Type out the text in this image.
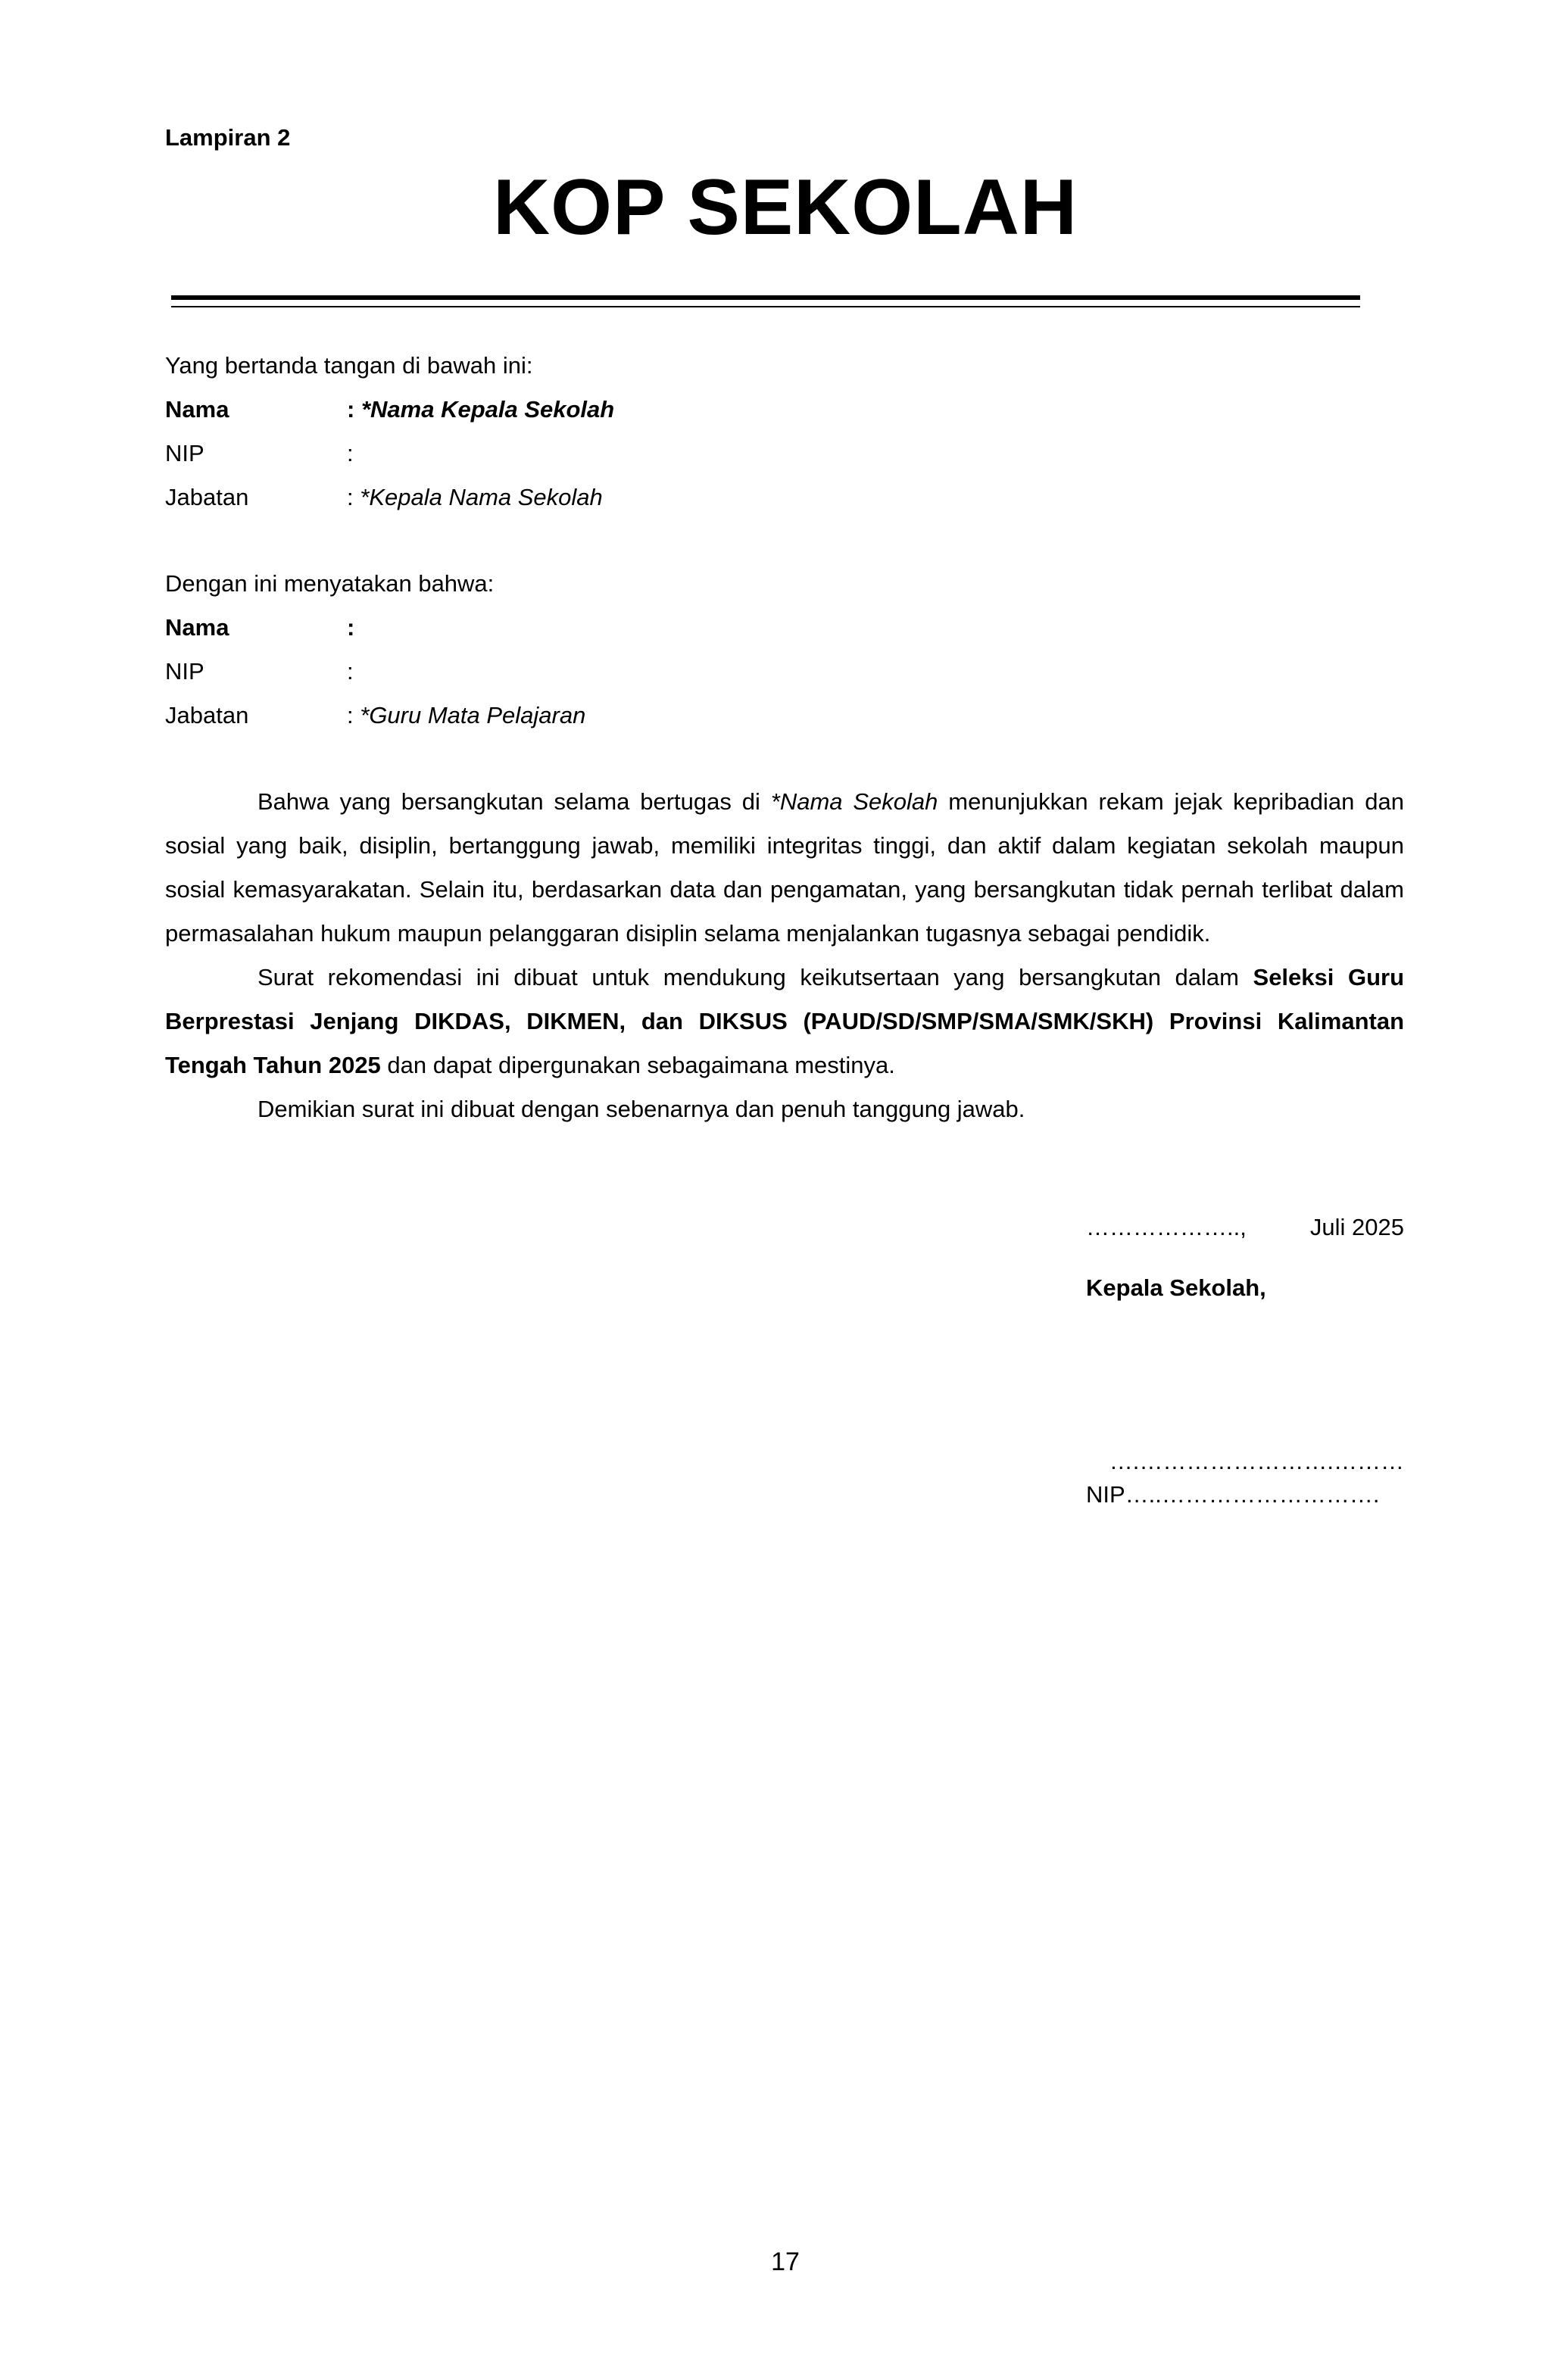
Lampiran 2
KOP SEKOLAH
Yang bertanda tangan di bawah ini:
Nama	: *Nama Kepala Sekolah
NIP	:
Jabatan	: *Kepala Nama Sekolah
Dengan ini menyatakan bahwa:
Nama	:
NIP	:
Jabatan	: *Guru Mata Pelajaran

Bahwa yang bersangkutan selama bertugas di *Nama Sekolah menunjukkan rekam jejak kepribadian dan sosial yang baik, disiplin, bertanggung jawab, memiliki integritas tinggi, dan aktif dalam kegiatan sekolah maupun sosial kemasyarakatan. Selain itu, berdasarkan data dan pengamatan, yang bersangkutan tidak pernah terlibat dalam permasalahan hukum maupun pelanggaran disiplin selama menjalankan tugasnya sebagai pendidik.

Surat rekomendasi ini dibuat untuk mendukung keikutsertaan yang bersangkutan dalam Seleksi Guru Berprestasi Jenjang DIKDAS, DIKMEN, dan DIKSUS (PAUD/SD/SMP/SMA/SMK/SKH) Provinsi Kalimantan Tengah Tahun 2025 dan dapat dipergunakan sebagaimana mestinya.

Demikian surat ini dibuat dengan sebenarnya dan penuh tanggung jawab.

………………..,	Juli 2025
Kepala Sekolah,
….…………………….………
NIP…..……………………….
17
